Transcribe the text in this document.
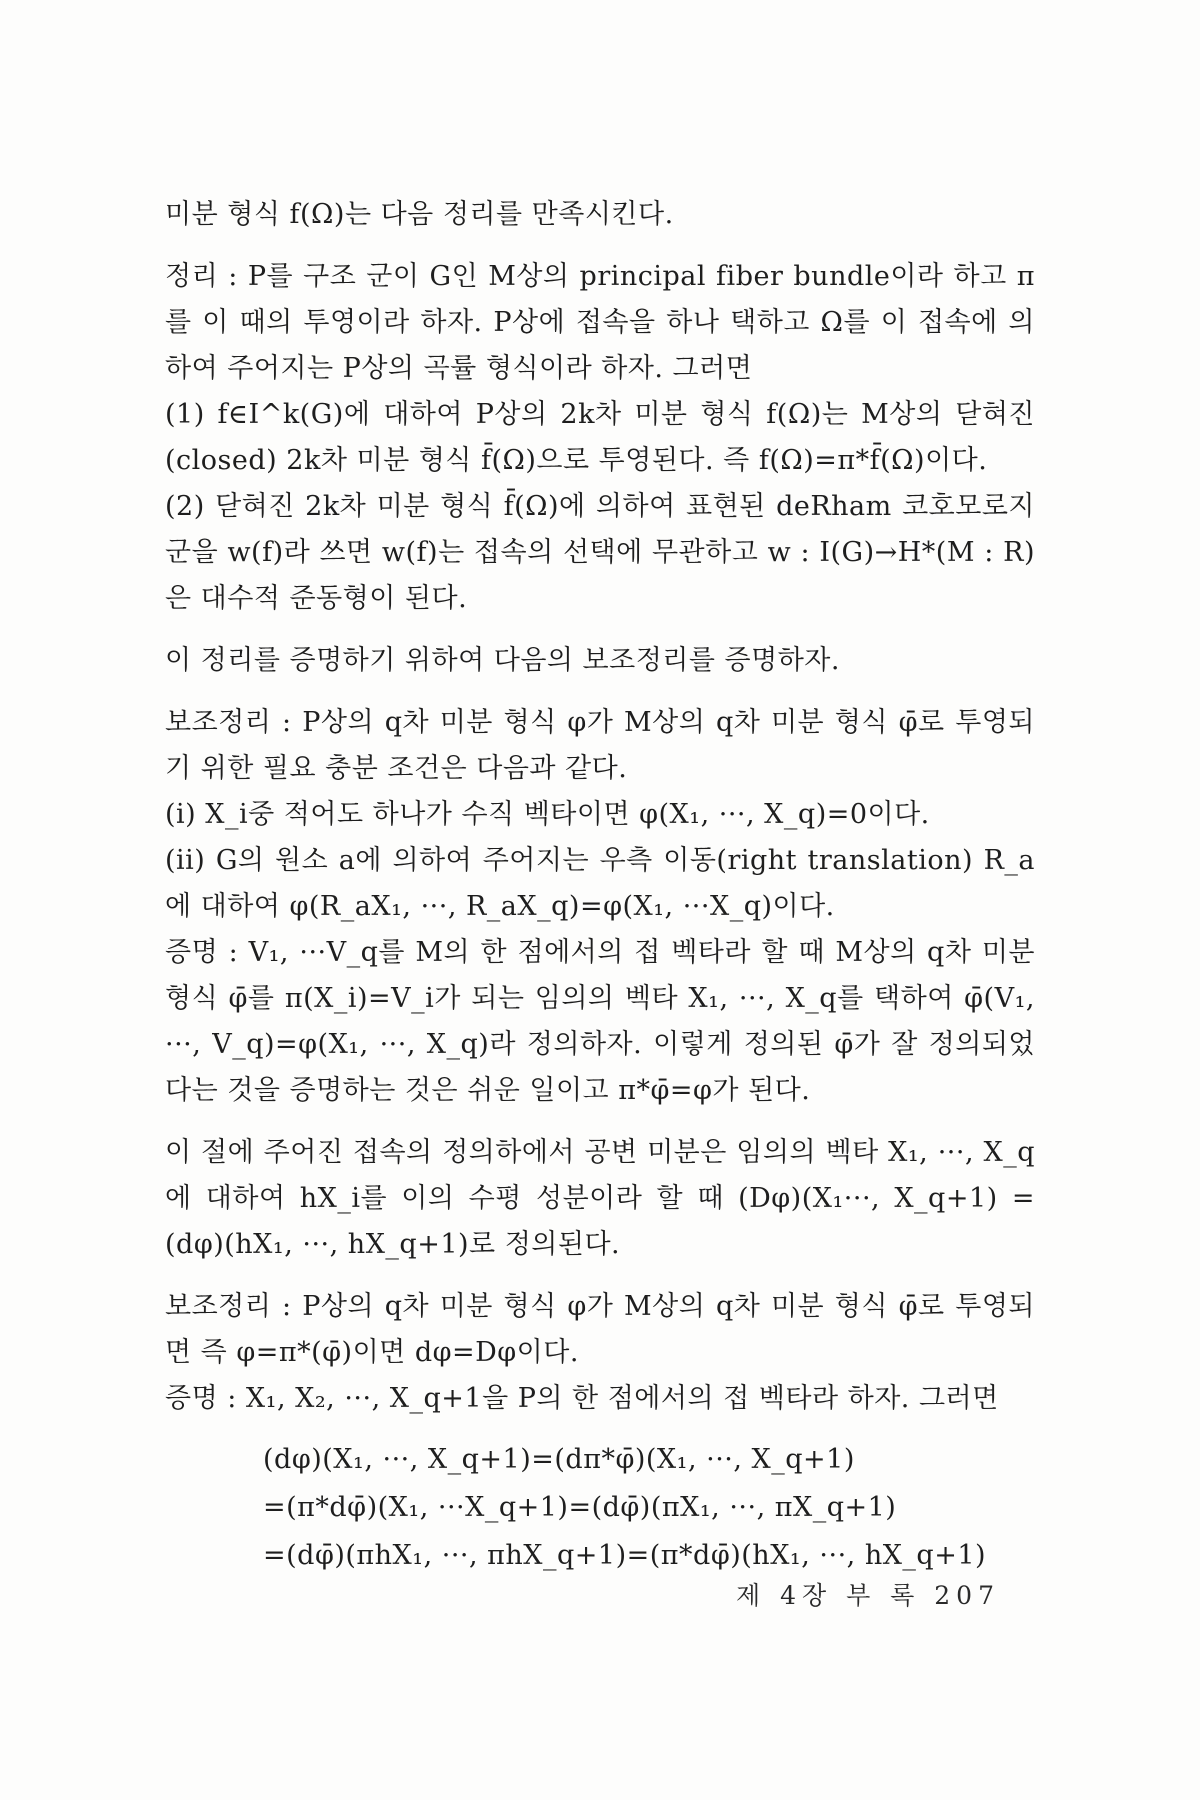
미분 형식 f(Ω)는 다음 정리를 만족시킨다.

정리 : P를 구조 군이 G인 M상의 principal fiber bundle이라 하고 π를 이 때의 투영이라 하자. P상에 접속을 하나 택하고 Ω를 이 접속에 의하여 주어지는 P상의 곡률 형식이라 하자. 그러면

(1) f∈I^k(G)에 대하여 P상의 2k차 미분 형식 f(Ω)는 M상의 닫혀진(closed) 2k차 미분 형식 f̄(Ω)으로 투영된다. 즉 f(Ω)=π*f̄(Ω)이다.

(2) 닫혀진 2k차 미분 형식 f̄(Ω)에 의하여 표현된 deRham 코호모로지 군을 w(f)라 쓰면 w(f)는 접속의 선택에 무관하고 w : I(G)→H*(M : R)은 대수적 준동형이 된다.

이 정리를 증명하기 위하여 다음의 보조정리를 증명하자.

보조정리 : P상의 q차 미분 형식 φ가 M상의 q차 미분 형식 φ̄로 투영되기 위한 필요 충분 조건은 다음과 같다.

(i) X_i중 적어도 하나가 수직 벡타이면 φ(X₁, ···, X_q)=0이다.

(ii) G의 원소 a에 의하여 주어지는 우측 이동(right translation) R_a에 대하여 φ(R_aX₁, ···, R_aX_q)=φ(X₁, ···X_q)이다.

증명 : V₁, ···V_q를 M의 한 점에서의 접 벡타라 할 때 M상의 q차 미분 형식 φ̄를 π(X_i)=V_i가 되는 임의의 벡타 X₁, ···, X_q를 택하여 φ̄(V₁, ···, V_q)=φ(X₁, ···, X_q)라 정의하자. 이렇게 정의된 φ̄가 잘 정의되었다는 것을 증명하는 것은 쉬운 일이고 π*φ̄=φ가 된다.

이 절에 주어진 접속의 정의하에서 공변 미분은 임의의 벡타 X₁, ···, X_q에 대하여 hX_i를 이의 수평 성분이라 할 때 (Dφ)(X₁···, X_q+1) =(dφ)(hX₁, ···, hX_q+1)로 정의된다.

보조정리 : P상의 q차 미분 형식 φ가 M상의 q차 미분 형식 φ̄로 투영되면 즉 φ=π*(φ̄)이면 dφ=Dφ이다.

증명 : X₁, X₂, ···, X_q+1을 P의 한 점에서의 접 벡타라 하자. 그러면

(dφ)(X₁, ···, X_q+1)=(dπ*φ̄)(X₁, ···, X_q+1)

=(π*dφ̄)(X₁, ···X_q+1)=(dφ̄)(πX₁, ···, πX_q+1)

=(dφ̄)(πhX₁, ···, πhX_q+1)=(π*dφ̄)(hX₁, ···, hX_q+1)

제 4장 부 록 207
